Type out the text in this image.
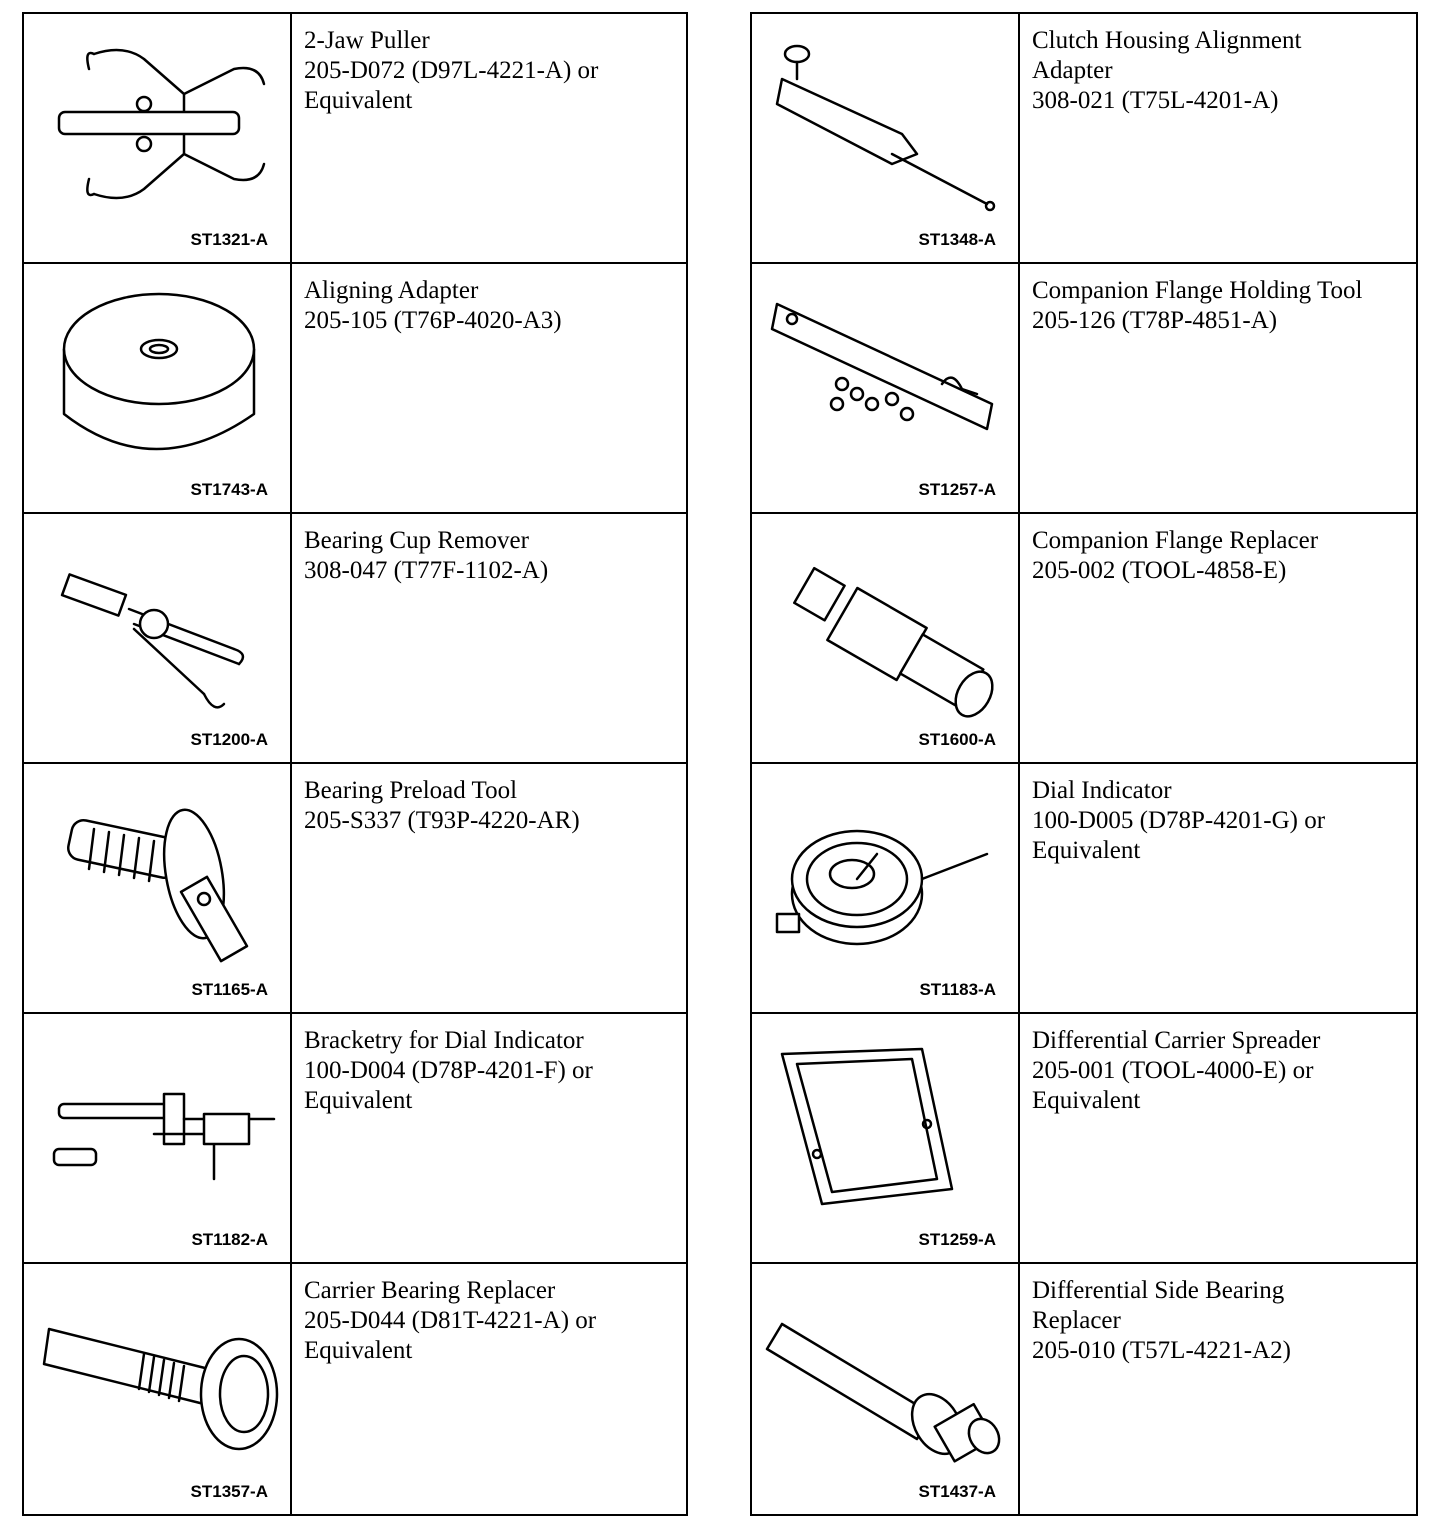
ST1321-A
2-Jaw Puller
205-D072 (D97L-4221-A) or
Equivalent
ST1743-A
Aligning Adapter
205-105 (T76P-4020-A3)
ST1200-A
Bearing Cup Remover
308-047 (T77F-1102-A)
ST1165-A
Bearing Preload Tool
205-S337 (T93P-4220-AR)
ST1182-A
Bracketry for Dial Indicator
100-D004 (D78P-4201-F) or
Equivalent
ST1357-A
Carrier Bearing Replacer
205-D044 (D81T-4221-A) or
Equivalent
ST1348-A
Clutch Housing Alignment
Adapter
308-021 (T75L-4201-A)
ST1257-A
Companion Flange Holding Tool
205-126 (T78P-4851-A)
ST1600-A
Companion Flange Replacer
205-002 (TOOL-4858-E)
ST1183-A
Dial Indicator
100-D005 (D78P-4201-G) or
Equivalent
ST1259-A
Differential Carrier Spreader
205-001 (TOOL-4000-E) or
Equivalent
ST1437-A
Differential Side Bearing
Replacer
205-010 (T57L-4221-A2)
